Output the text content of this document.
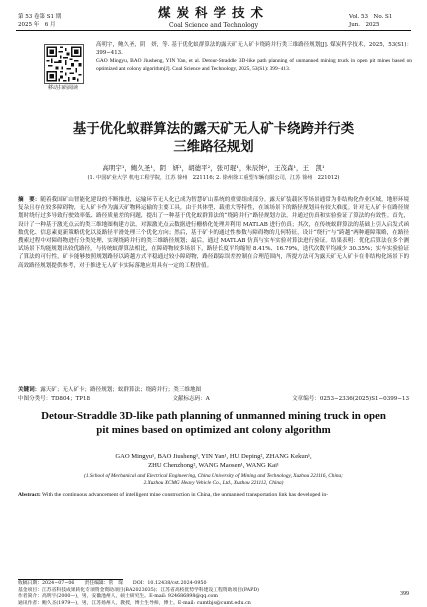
第 53 卷第 S1 期
2025 年　6 月
煤炭科学技术
Coal Science and Technology
Vol. 53　No. S1
Jun.　2025
移动扫码阅读

高明宇，鲍久圣，阴　妍，等. 基于优化蚁群算法的露天矿无人矿卡绕跨并行类三维路径规划[J]. 煤炭科学技术，2025，53(S1)：399−413.

GAO Mingyu, BAO Jiusheng, YIN Yan, et al. Detour-Straddle 3D-like path planning of unmanned mining truck in open pit mines based on optimized ant colony algorithm[J]. Coal Science and Technology, 2025, 53(S1): 399−413.

基于优化蚁群算法的露天矿无人矿卡绕跨并行类
三维路径规划
高明宇¹，鲍久圣¹，阴　妍¹，胡德平²，张可琨¹，朱辰钟²，王茂森¹，王　凯¹
(1. 中国矿业大学 机电工程学院，江苏 徐州　221116; 2. 徐州徐工重型车辆有限公司，江苏 徐州　221012)
摘　要：随着我国矿山智能化建设的不断推进，运输环节无人化已成为智慧矿山系统的重要组成部分。露天矿装载区等场景通常为非结构化作业区域，地形环境复杂且存在较多障碍物，无人矿卡作为露天矿物料运输的主要工具，由于其体型、载重大等特性，在该场景下的路径规划具有较大难度。针对无人矿卡在路径规划时绕行过多导致行驶效率低、路径质量差的问题，提出了一种基于优化蚁群算法的“绕跨并行”路径规划方法，并通过仿真和实验验证了算法的有效性。首先，设计了一种基于激光点云的类三维地图构建方法，对源激光点云数据进行栅格化处理并利用 MATLAB 进行仿真；其次，在传统蚁群算法的基础上引入启发式函数优化、信息素更新策略优化以及路径平滑处理三个优化方向；然后，基于矿卡的通过性参数与障碍物的几何特征，设计“绕行”与“跨越”两种避障策略，在路径搜索过程中对障碍物进行分类处理，实现绕跨并行的类三维路径规划；最后，通过 MATLAB 仿真与实车实验对算法进行验证。结果表明：优化后算法在多个测试场景下均能规划出较优路径，与传统蚁群算法相比，在障碍物较多场景下，路径长度平均缩短 8.41%、16.79%，迭代次数平均减少 30.35%；实车实验验证了算法的可行性，矿卡能够按照规划路径以跨越方式平稳通过较小障碍物，路径跟踪误差控制在合理范围内，所提方法可为露天矿无人矿卡在非结构化场景下的高效路径规划提供参考，对于推进无人矿卡实际落地应用具有一定的工程价值。
关键词：露天矿；无人矿卡；路径规划；蚁群算法；绕跨并行；类三维地图
中图分类号：TD804；TP18	文献标志码：A	文章编号：0253−2336(2025)S1−0399−13
Detour-Straddle 3D-like path planning of unmanned mining truck in open
pit mines based on optimized ant colony algorithm
GAO Mingyu¹, BAO Jiusheng¹, YIN Yan¹, HU Deping², ZHANG Kekun¹,
ZHU Chenzhong², WANG Maosen¹, WANG Kai¹
(1.School of Mechanical and Electrical Engineering, China University of Mining and Technology, Xuzhou 221116, China;
2.Xuzhou XCMG Heavy Vehicle Co., Ltd., Xuzhou 221112, China)
Abstract: With the continuous advancement of intelligent mine construction in China, the unmanned transportation link has developed in-
收稿日期：2024−07−06 责任编辑：常　琛 DOI：10.12438/cst.2024-0950
基金项目： 江苏省科技成果转化专项资金资助项目(BA2023035)；江苏省高校优势学科建设工程资助项目(PAPD)
作者简介： 高明宇(2000—)，男，安徽池州人，硕士研究生。E-mail: 924686898@qq.com
通讯作者： 鲍久圣(1979—)，男，江苏扬州人，教授，博士生导师，博士。E-mail: cumtbjs@cumt.edu.cn
399
